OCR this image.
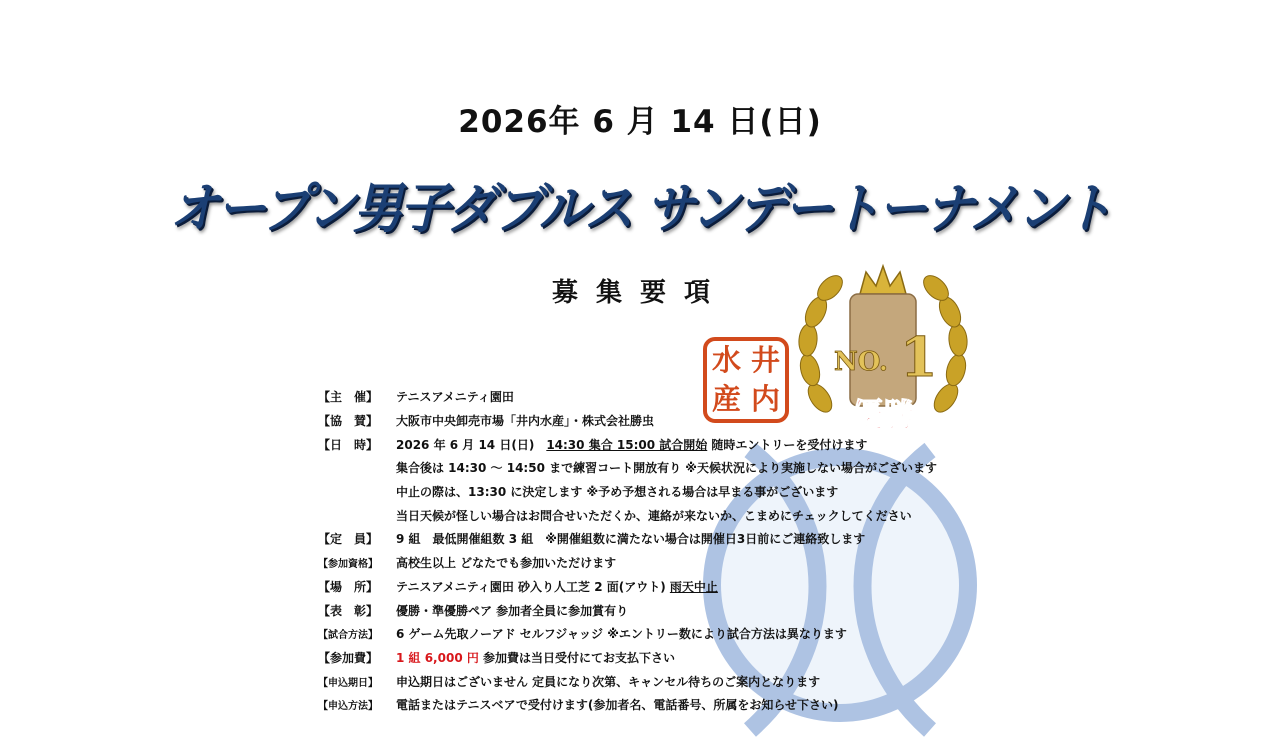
2026年 6 月 14 日(日)
オープン男子ダブルス サンデートーナメント
募集要項
水 井
産 内
NO. 1
優勝
【主　催】	テニスアメニティ園田
【協　賛】	大阪市中央卸売市場「井内水産」・株式会社勝虫
【日　時】	2026 年 6 月 14 日(日)　14:30 集合 15:00 試合開始 随時エントリーを受付けます
集合後は 14:30 ～ 14:50 まで練習コート開放有り ※天候状況により実施しない場合がございます
中止の際は、13:30 に決定します ※予め予想される場合は早まる事がございます
当日天候が怪しい場合はお問合せいただくか、連絡が来ないか、こまめにチェックしてください
【定　員】	9 組　最低開催組数 3 組　※開催組数に満たない場合は開催日3日前にご連絡致します
【参加資格】	高校生以上 どなたでも参加いただけます
【場　所】	テニスアメニティ園田 砂入り人工芝 2 面(アウト) 雨天中止
【表　彰】	優勝・準優勝ペア 参加者全員に参加賞有り
【試合方法】	6 ゲーム先取ノーアド セルフジャッジ ※エントリー数により試合方法は異なります
【参加費】	1 組 6,000 円 参加費は当日受付にてお支払下さい
【申込期日】	申込期日はございません 定員になり次第、キャンセル待ちのご案内となります
【申込方法】	電話またはテニスベアで受付けます(参加者名、電話番号、所属をお知らせ下さい)
